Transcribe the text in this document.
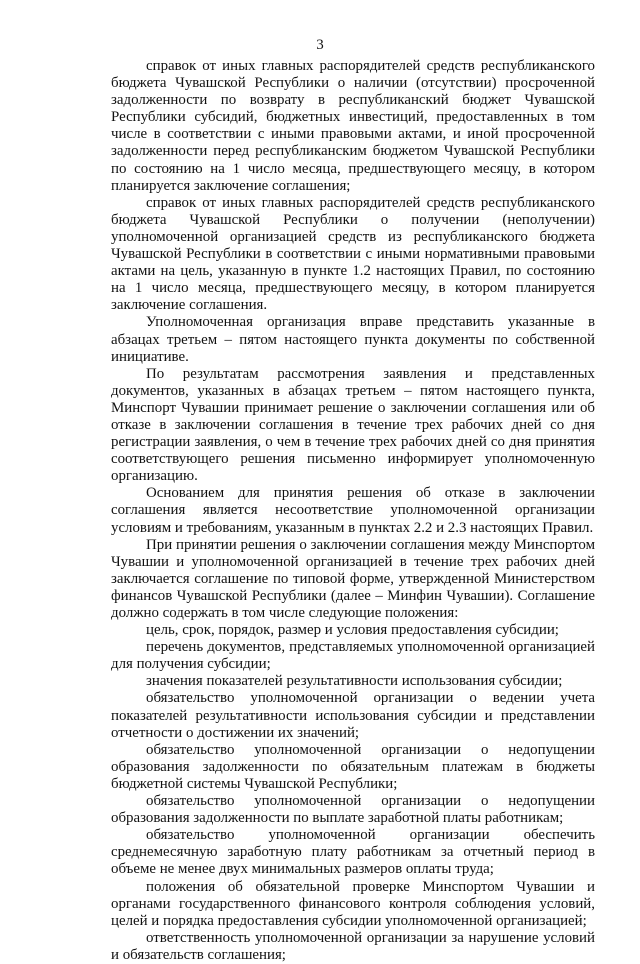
3

справок от иных главных распорядителей средств республиканского бюджета Чувашской Республики о наличии (отсутствии) просроченной задолженности по возврату в республиканский бюджет Чувашской Республики субсидий, бюджетных инвестиций, предоставленных в том числе в соответствии с иными правовыми актами, и иной просроченной задолженности перед республиканским бюджетом Чувашской Республики по состоянию на 1 число месяца, предшествующего месяцу, в котором планируется заключение соглашения;

справок от иных главных распорядителей средств республиканского бюджета Чувашской Республики о получении (неполучении) уполномоченной организацией средств из республиканского бюджета Чувашской Республики в соответствии с иными нормативными правовыми актами на цель, указанную в пункте 1.2 настоящих Правил, по состоянию на 1 число месяца, предшествующего месяцу, в котором планируется заключение соглашения.

Уполномоченная организация вправе представить указанные в абзацах третьем – пятом настоящего пункта документы по собственной инициативе.

По результатам рассмотрения заявления и представленных документов, указанных в абзацах третьем – пятом настоящего пункта, Минспорт Чувашии принимает решение о заключении соглашения или об отказе в заключении соглашения в течение трех рабочих дней со дня регистрации заявления, о чем в течение трех рабочих дней со дня принятия соответствующего решения письменно информирует уполномоченную организацию.

Основанием для принятия решения об отказе в заключении соглашения является несоответствие уполномоченной организации условиям и требованиям, указанным в пунктах 2.2 и 2.3 настоящих Правил.

При принятии решения о заключении соглашения между Минспортом Чувашии и уполномоченной организацией в течение трех рабочих дней заключается соглашение по типовой форме, утвержденной Министерством финансов Чувашской Республики (далее – Минфин Чувашии). Соглашение должно содержать в том числе следующие положения:

цель, срок, порядок, размер и условия предоставления субсидии;

перечень документов, представляемых уполномоченной организацией для получения субсидии;

значения показателей результативности использования субсидии;

обязательство уполномоченной организации о ведении учета показателей результативности использования субсидии и представлении отчетности о достижении их значений;

обязательство уполномоченной организации о недопущении образования задолженности по обязательным платежам в бюджеты бюджетной системы Чувашской Республики;

обязательство уполномоченной организации о недопущении образования задолженности по выплате заработной платы работникам;

обязательство уполномоченной организации обеспечить среднемесячную заработную плату работникам за отчетный период в объеме не менее двух минимальных размеров оплаты труда;

положения об обязательной проверке Минспортом Чувашии и органами государственного финансового контроля соблюдения условий, целей и порядка предоставления субсидии уполномоченной организацией;

ответственность уполномоченной организации за нарушение условий и обязательств соглашения;
